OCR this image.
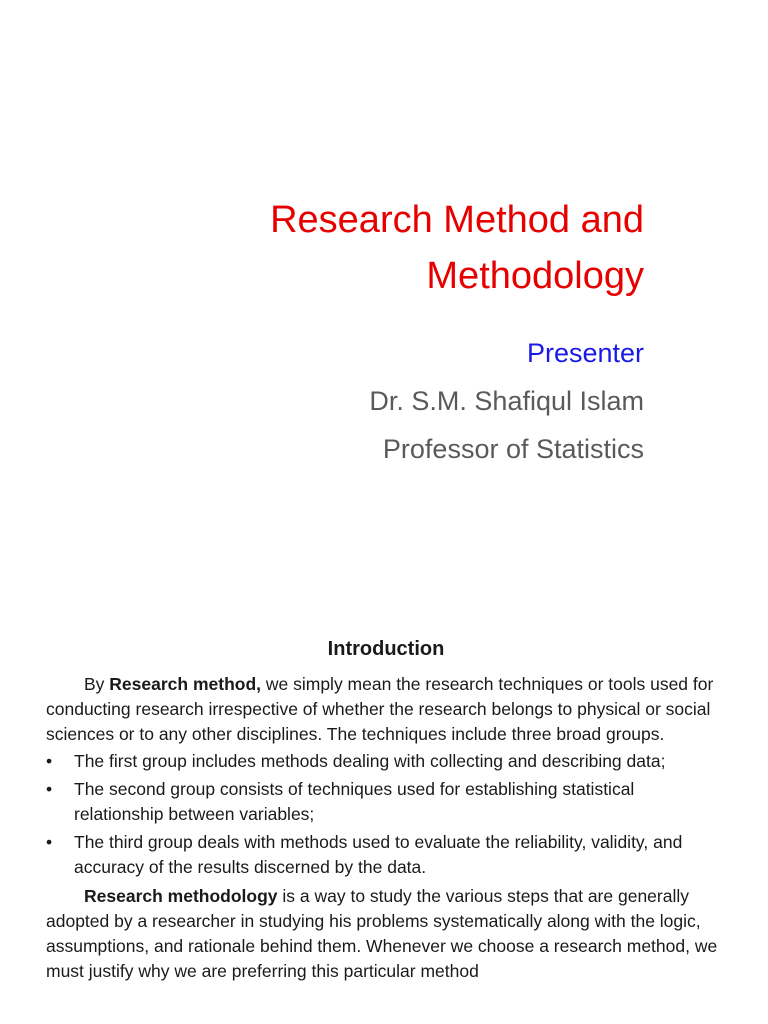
Research Method and
Methodology

Presenter

Dr. S.M. Shafiqul Islam

Professor of Statistics

Introduction

By Research method, we simply mean the research techniques or tools used for conducting research irrespective of whether the research belongs to physical or social sciences or to any other disciplines. The techniques include three broad groups.

• The first group includes methods dealing with collecting and describing data;
• The second group consists of techniques used for establishing statistical relationship between variables;
• The third group deals with methods used to evaluate the reliability, validity, and accuracy of the results discerned by the data.

Research methodology is a way to study the various steps that are generally adopted by a researcher in studying his problems systematically along with the logic, assumptions, and rationale behind them. Whenever we choose a research method, we must justify why we are preferring this particular method
